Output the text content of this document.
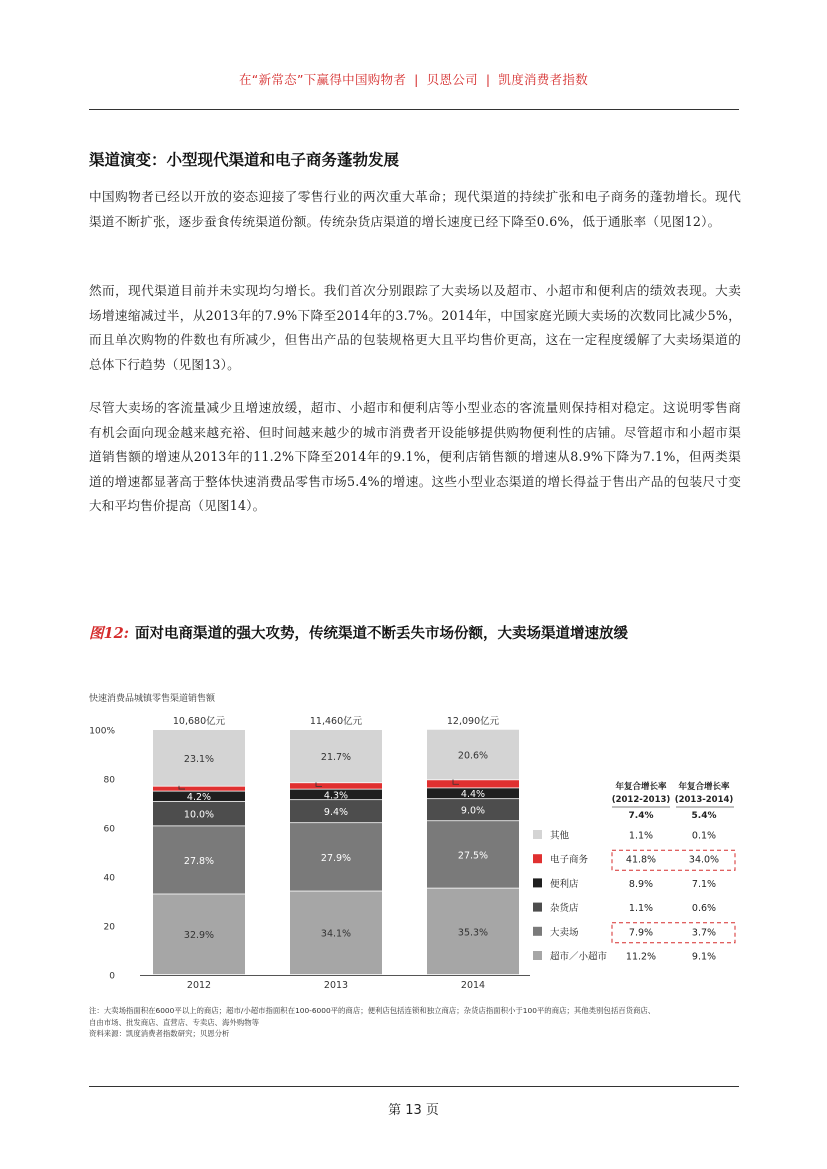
在“新常态”下赢得中国购物者 | 贝恩公司 | 凯度消费者指数
渠道演变：小型现代渠道和电子商务蓬勃发展

中国购物者已经以开放的姿态迎接了零售行业的两次重大革命；现代渠道的持续扩张和电子商务的蓬勃增长。现代渠道不断扩张，逐步蚕食传统渠道份额。传统杂货店渠道的增长速度已经下降至0.6%，低于通胀率（见图12）。

然而，现代渠道目前并未实现均匀增长。我们首次分别跟踪了大卖场以及超市、小超市和便利店的绩效表现。大卖场增速缩减过半，从2013年的7.9%下降至2014年的3.7%。2014年，中国家庭光顾大卖场的次数同比减少5%，而且单次购物的件数也有所减少，但售出产品的包装规格更大且平均售价更高，这在一定程度缓解了大卖场渠道的总体下行趋势（见图13）。

尽管大卖场的客流量减少且增速放缓，超市、小超市和便利店等小型业态的客流量则保持相对稳定。这说明零售商有机会面向现金越来越充裕、但时间越来越少的城市消费者开设能够提供购物便利性的店铺。尽管超市和小超市渠道销售额的增速从2013年的11.2%下降至2014年的9.1%，便利店销售额的增速从8.9%下降为7.1%，但两类渠道的增速都显著高于整体快速消费品零售市场5.4%的增速。这些小型业态渠道的增长得益于售出产品的包装尺寸变大和平均售价提高（见图14）。

图12: 面对电商渠道的强大攻势，传统渠道不断丢失市场份额，大卖场渠道增速放缓
快速消费品城镇零售渠道销售额
0
20
40
60
80
100%
32.9%
27.8%
10.0%
4.2%
23.1%
10,680亿元
2012
34.1%
27.9%
9.4%
4.3%
21.7%
11,460亿元
2013
35.3%
27.5%
9.0%
4.4%
20.6%
12,090亿元
2014
年复合增长率
(2012-2013)
年复合增长率
(2013-2014)
7.4%	5.4%
其他	1.1%	0.1%
电子商务	41.8%	34.0%
便利店	8.9%	7.1%
杂货店	1.1%	0.6%
大卖场	7.9%	3.7%
超市／小超市 11.2%	9.1%
注：大卖场指面积在6000平以上的商店；超市/小超市指面积在100-6000平的商店；便利店包括连锁和独立商店；杂货店指面积小于100平的商店；其他类别包括百货商店、
自由市场、批发商店、直营店、专卖店、海外购物等
资料来源：凯度消费者指数研究；贝恩分析
第 13 页
